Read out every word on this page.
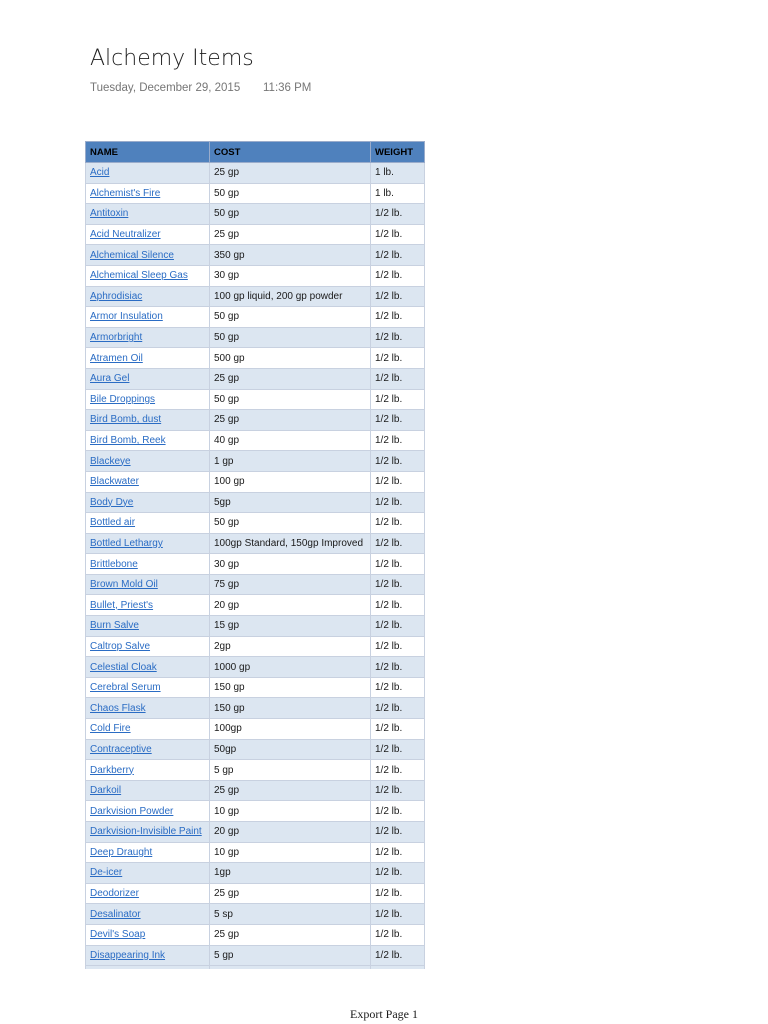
Alchemy Items
Tuesday, December 29, 2015 11:36 PM
NAME	COST	WEIGHT
Acid	25 gp	1 lb.
Alchemist's Fire	50 gp	1 lb.
Antitoxin	50 gp	1/2 lb.
Acid Neutralizer	25 gp	1/2 lb.
Alchemical Silence	350 gp	1/2 lb.
Alchemical Sleep Gas	30 gp	1/2 lb.
Aphrodisiac	100 gp liquid, 200 gp powder	1/2 lb.
Armor Insulation	50 gp	1/2 lb.
Armorbright	50 gp	1/2 lb.
Atramen Oil	500 gp	1/2 lb.
Aura Gel	25 gp	1/2 lb.
Bile Droppings	50 gp	1/2 lb.
Bird Bomb, dust	25 gp	1/2 lb.
Bird Bomb, Reek	40 gp	1/2 lb.
Blackeye	1 gp	1/2 lb.
Blackwater	100 gp	1/2 lb.
Body Dye	5gp	1/2 lb.
Bottled air	50 gp	1/2 lb.
Bottled Lethargy	100gp Standard, 150gp Improved	1/2 lb.
Brittlebone	30 gp	1/2 lb.
Brown Mold Oil	75 gp	1/2 lb.
Bullet, Priest's	20 gp	1/2 lb.
Burn Salve	15 gp	1/2 lb.
Caltrop Salve	2gp	1/2 lb.
Celestial Cloak	1000 gp	1/2 lb.
Cerebral Serum	150 gp	1/2 lb.
Chaos Flask	150 gp	1/2 lb.
Cold Fire	100gp	1/2 lb.
Contraceptive	50gp	1/2 lb.
Darkberry	5 gp	1/2 lb.
Darkoil	25 gp	1/2 lb.
Darkvision Powder	10 gp	1/2 lb.
Darkvision-Invisible Paint	20 gp	1/2 lb.
Deep Draught	10 gp	1/2 lb.
De-icer	1gp	1/2 lb.
Deodorizer	25 gp	1/2 lb.
Desalinator	5 sp	1/2 lb.
Devil's Soap	25 gp	1/2 lb.
Disappearing Ink	5 gp	1/2 lb.

Export Page 1
